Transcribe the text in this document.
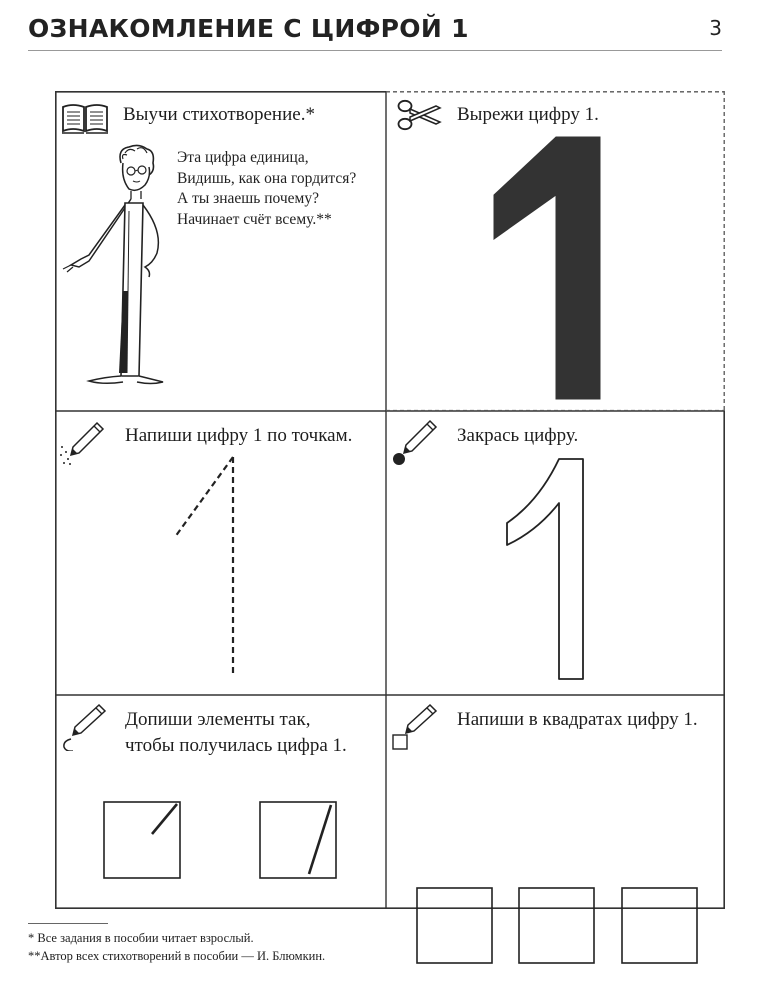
ОЗНАКОМЛЕНИЕ С ЦИФРОЙ 1	3
Выучи стихотворение.*
Эта цифра единица,
Видишь, как она гордится?
А ты знаешь почему?
Начинает счёт всему.**
Вырежи цифру 1.
Напиши цифру 1 по точкам.	Закрась цифру.
Допиши элементы так,
чтобы получилась цифра 1.
Напиши в квадратах цифру 1.
* Все задания в пособии читает взрослый.
**Автор всех стихотворений в пособии — И. Блюмкин.
